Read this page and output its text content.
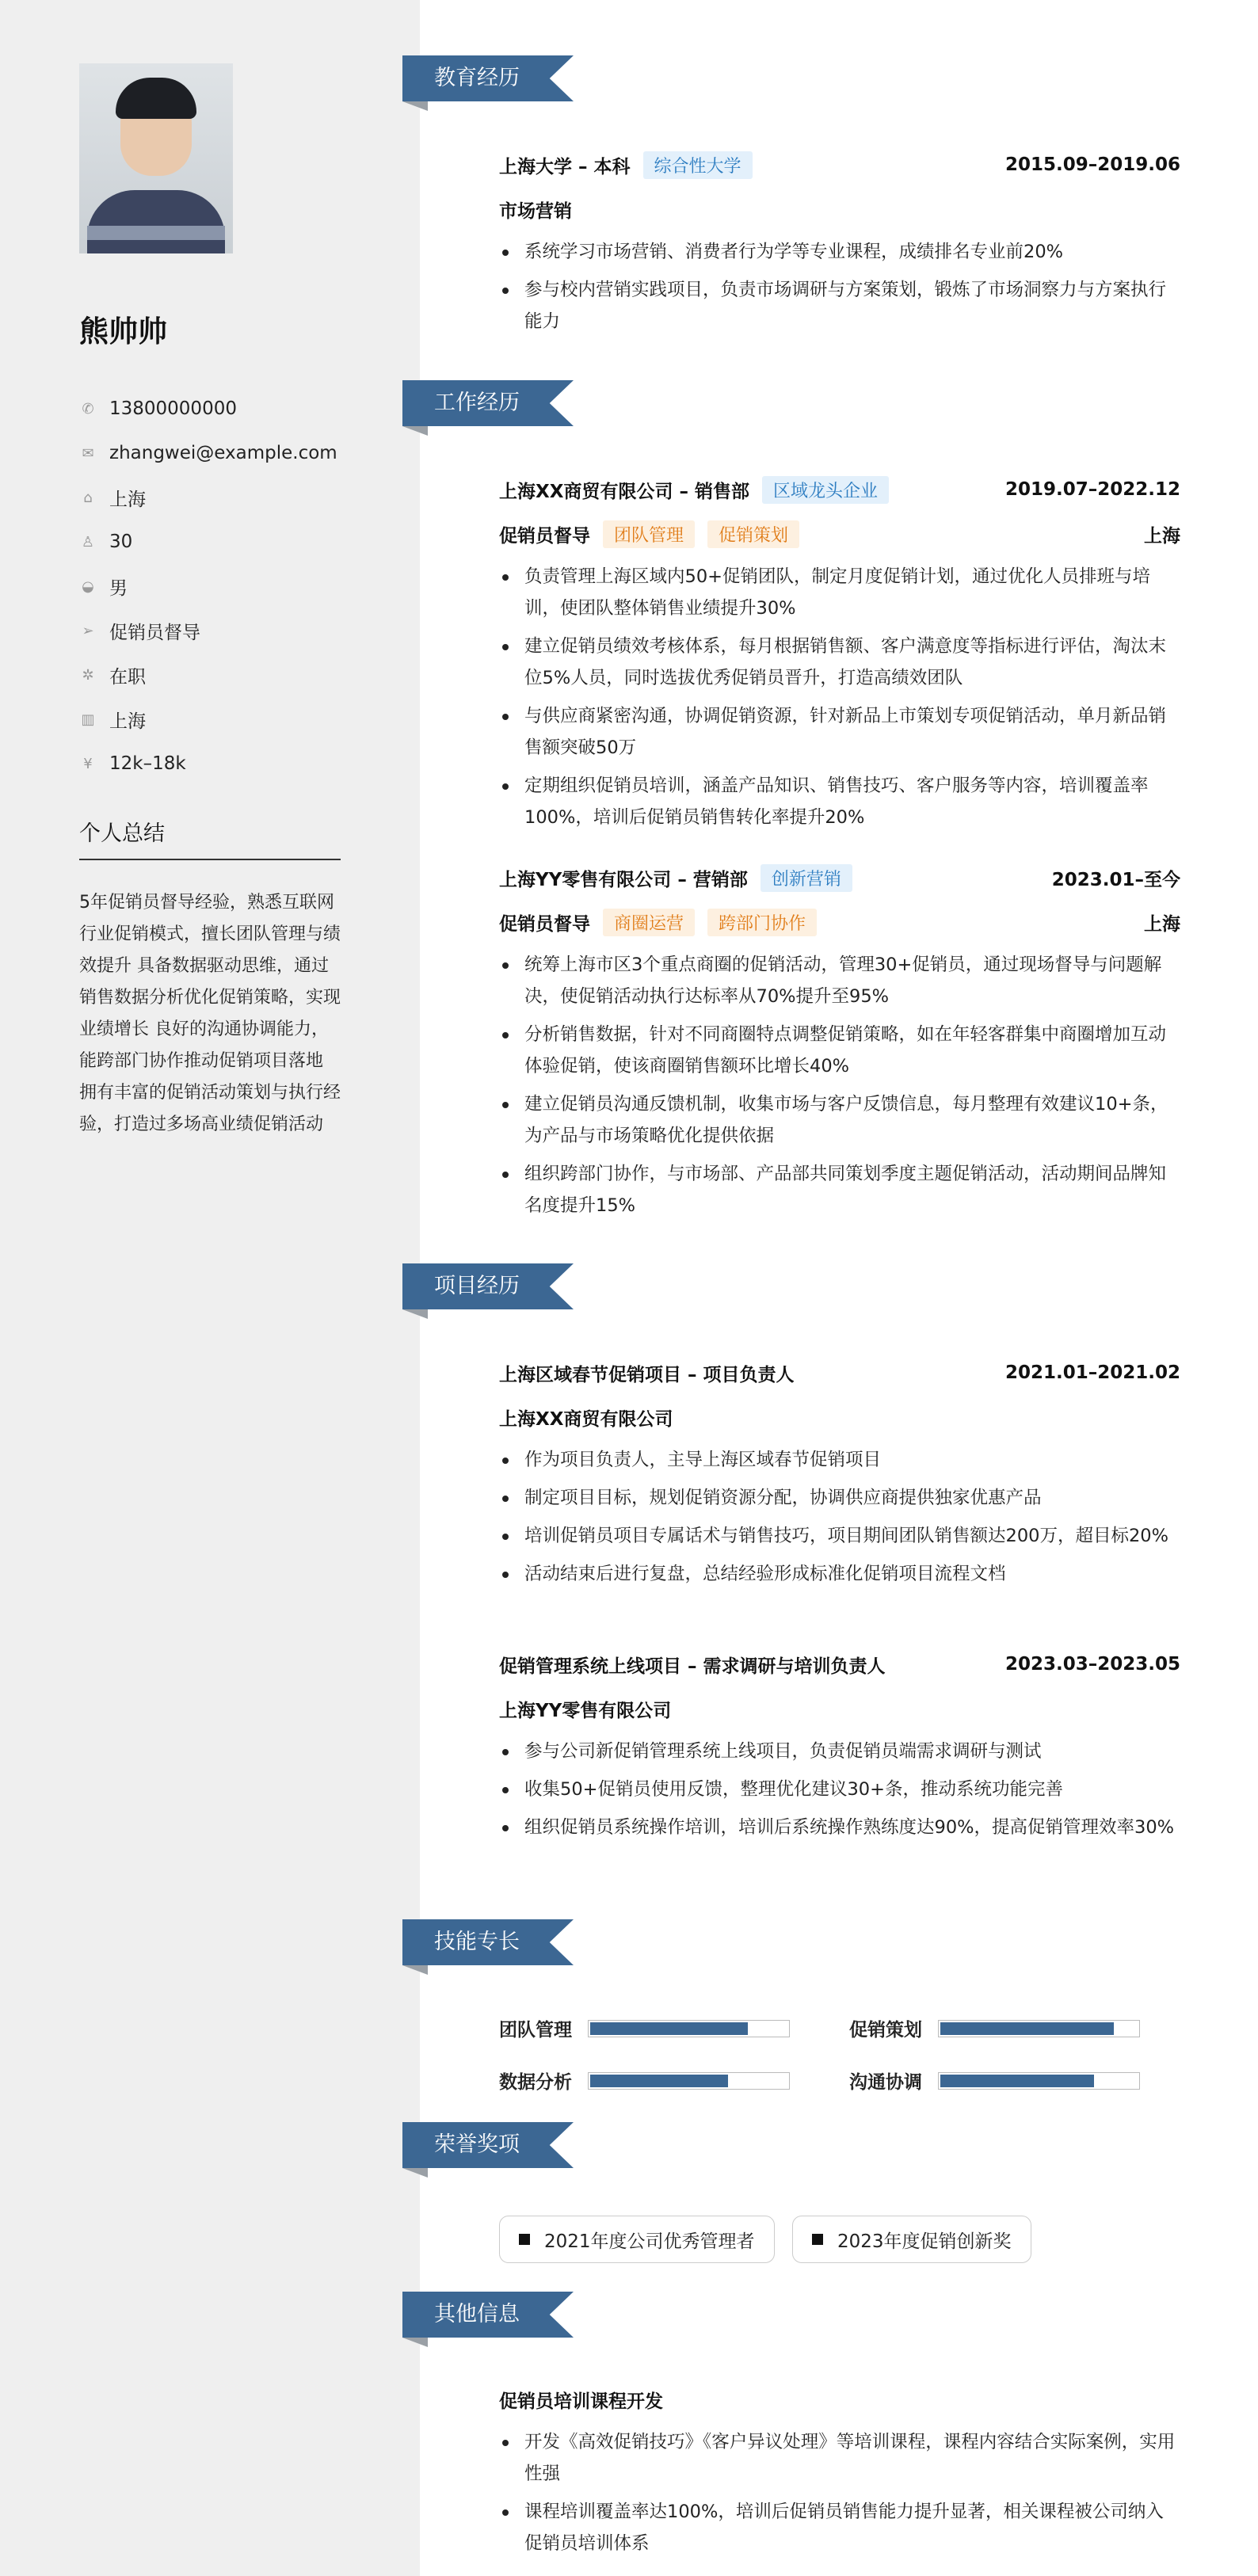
熊帅帅
✆ 13800000000
✉ zhangwei@example.com
⌂ 上海
♙ 30
◒ 男
➢ 促销员督导
✲ 在职
▥ 上海
¥ 12k–18k
个人总结
5年促销员督导经验，熟悉互联网行业促销模式，擅长团队管理与绩效提升 具备数据驱动思维，通过销售数据分析优化促销策略，实现业绩增长 良好的沟通协调能力，能跨部门协作推动促销项目落地 拥有丰富的促销活动策划与执行经验，打造过多场高业绩促销活动
教育经历
工作经历
项目经历
技能专长
荣誉奖项
其他信息
上海大学 – 本科	综合性大学	2015.09–2019.06
市场营销
系统学习市场营销、消费者行为学等专业课程，成绩排名专业前20%
参与校内营销实践项目，负责市场调研与方案策划，锻炼了市场洞察力与方案执行能力
上海XX商贸有限公司 – 销售部	区域龙头企业	2019.07–2022.12
促销员督导	团队管理	促销策划	上海
负责管理上海区域内50+促销团队，制定月度促销计划，通过优化人员排班与培训，使团队整体销售业绩提升30%
建立促销员绩效考核体系，每月根据销售额、客户满意度等指标进行评估，淘汰末位5%人员，同时选拔优秀促销员晋升，打造高绩效团队
与供应商紧密沟通，协调促销资源，针对新品上市策划专项促销活动，单月新品销售额突破50万
定期组织促销员培训，涵盖产品知识、销售技巧、客户服务等内容，培训覆盖率100%，培训后促销员销售转化率提升20%
上海YY零售有限公司 – 营销部	创新营销	2023.01–至今
促销员督导	商圈运营	跨部门协作	上海
统筹上海市区3个重点商圈的促销活动，管理30+促销员，通过现场督导与问题解决，使促销活动执行达标率从70%提升至95%
分析销售数据，针对不同商圈特点调整促销策略，如在年轻客群集中商圈增加互动体验促销，使该商圈销售额环比增长40%
建立促销员沟通反馈机制，收集市场与客户反馈信息，每月整理有效建议10+条，为产品与市场策略优化提供依据
组织跨部门协作，与市场部、产品部共同策划季度主题促销活动，活动期间品牌知名度提升15%
上海区域春节促销项目 – 项目负责人	2021.01–2021.02
上海XX商贸有限公司
作为项目负责人，主导上海区域春节促销项目
制定项目目标，规划促销资源分配，协调供应商提供独家优惠产品
培训促销员项目专属话术与销售技巧，项目期间团队销售额达200万，超目标20%
活动结束后进行复盘，总结经验形成标准化促销项目流程文档
促销管理系统上线项目 – 需求调研与培训负责人	2023.03–2023.05
上海YY零售有限公司
参与公司新促销管理系统上线项目，负责促销员端需求调研与测试
收集50+促销员使用反馈，整理优化建议30+条，推动系统功能完善
组织促销员系统操作培训，培训后系统操作熟练度达90%，提高促销管理效率30%
团队管理	促销策划
数据分析	沟通协调
2021年度公司优秀管理者	2023年度促销创新奖
促销员培训课程开发
开发《高效促销技巧》《客户异议处理》等培训课程，课程内容结合实际案例，实用性强
课程培训覆盖率达100%，培训后促销员销售能力提升显著，相关课程被公司纳入促销员培训体系
